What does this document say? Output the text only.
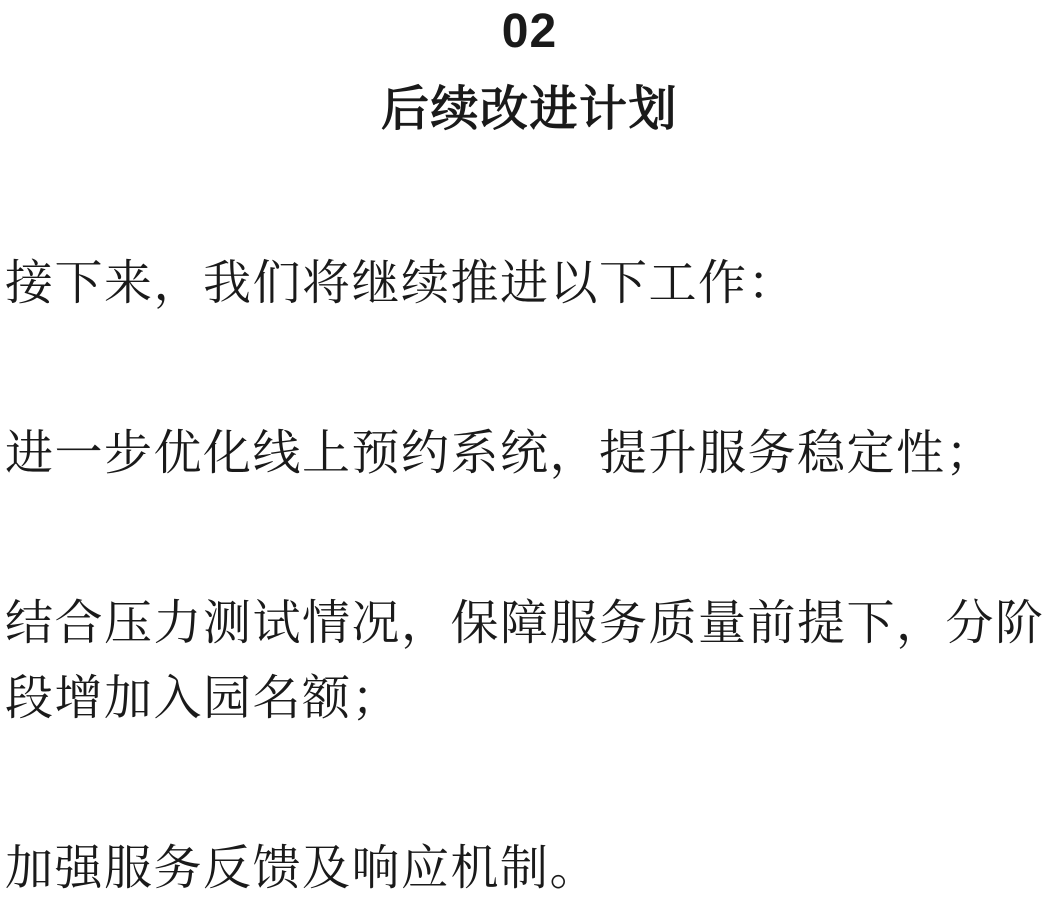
02
后续改进计划

接下来，我们将继续推进以下工作：

进一步优化线上预约系统，提升服务稳定性；

结合压力测试情况，保障服务质量前提下，分阶段增加入园名额；

加强服务反馈及响应机制。
